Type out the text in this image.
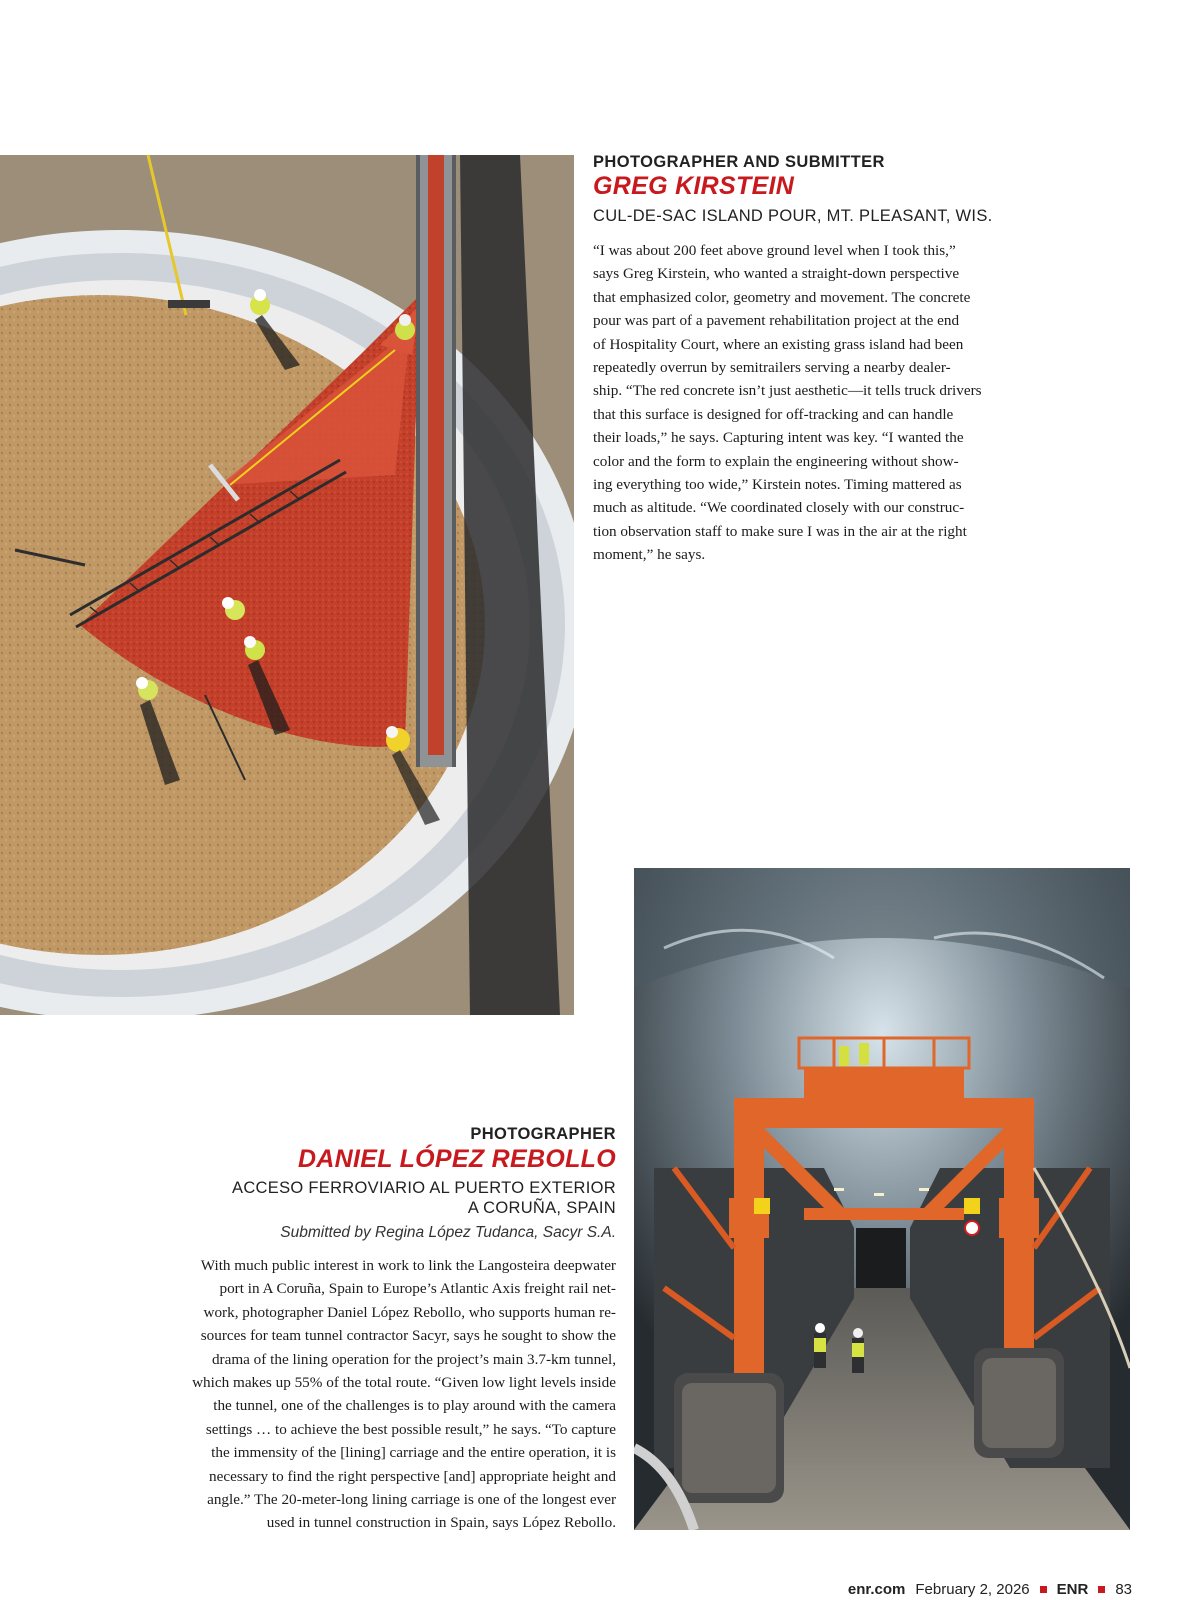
PHOTOGRAPHER AND SUBMITTER

GREG KIRSTEIN

CUL-DE-SAC ISLAND POUR, MT. PLEASANT, WIS.

“I was about 200 feet above ground level when I took this,”
says Greg Kirstein, who wanted a straight-down perspective
that emphasized color, geometry and movement. The concrete
pour was part of a pavement rehabilitation project at the end
of Hospitality Court, where an existing grass island had been
repeatedly overrun by semitrailers serving a nearby dealer-
ship. “The red concrete isn’t just aesthetic—it tells truck drivers
that this surface is designed for off-tracking and can handle
their loads,” he says. Capturing intent was key. “I wanted the
color and the form to explain the engineering without show-
ing everything too wide,” Kirstein notes. Timing mattered as
much as altitude. “We coordinated closely with our construc-
tion observation staff to make sure I was in the air at the right
moment,” he says.

PHOTOGRAPHER

DANIEL LÓPEZ REBOLLO

ACCESO FERROVIARIO AL PUERTO EXTERIOR

A CORUÑA, SPAIN

Submitted by Regina López Tudanca, Sacyr S.A.

With much public interest in work to link the Langosteira deepwater
port in A Coruña, Spain to Europe’s Atlantic Axis freight rail net-
work, photographer Daniel López Rebollo, who supports human re-
sources for team tunnel contractor Sacyr, says he sought to show the
drama of the lining operation for the project’s main 3.7-km tunnel,
which makes up 55% of the total route. “Given low light levels inside
the tunnel, one of the challenges is to play around with the camera
settings … to achieve the best possible result,” he says. “To capture
the immensity of the [lining] carriage and the entire operation, it is
necessary to find the right perspective [and] appropriate height and
angle.” The 20-meter-long lining carriage is one of the longest ever
used in tunnel construction in Spain, says López Rebollo.
enr.com February 2, 2026 ENR 83
